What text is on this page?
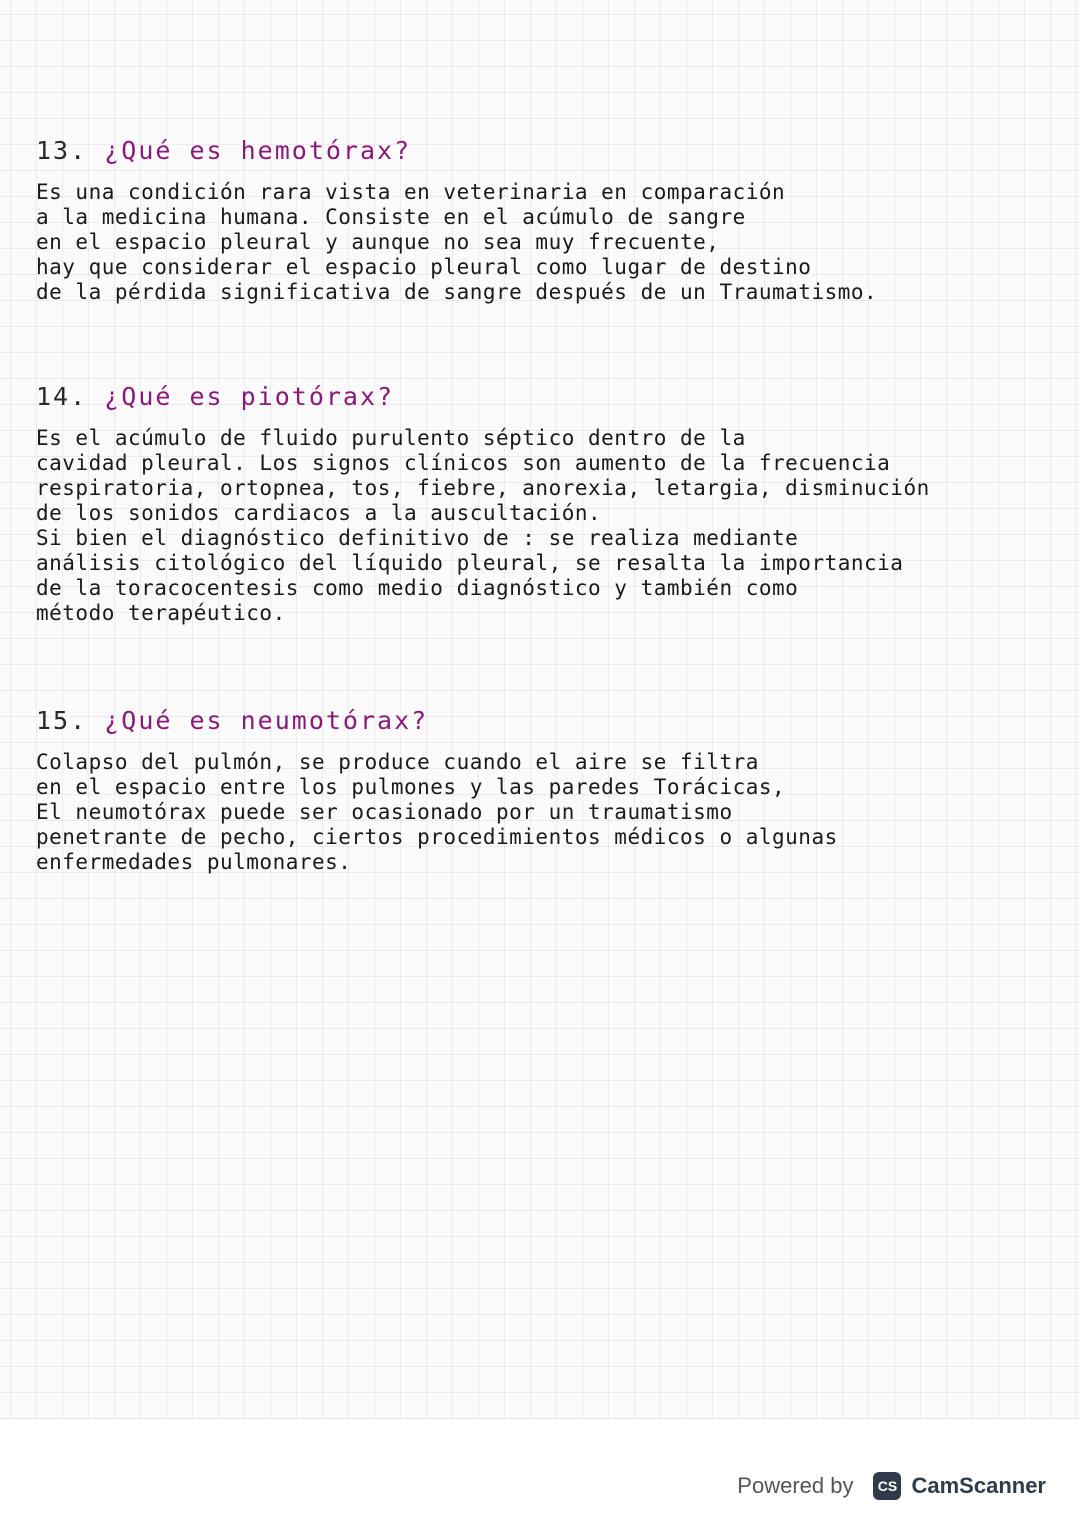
13. ¿Qué es hemotórax?

Es una condición rara vista en veterinaria en comparación
a la medicina humana. Consiste en el acúmulo de sangre
en el espacio pleural y aunque no sea muy frecuente,
hay que considerar el espacio pleural como lugar de destino
de la pérdida significativa de sangre después de un Traumatismo.

14. ¿Qué es piotórax?

Es el acúmulo de fluido purulento séptico dentro de la
cavidad pleural. Los signos clínicos son aumento de la frecuencia
respiratoria, ortopnea, tos, fiebre, anorexia, letargia, disminución
de los sonidos cardiacos a la auscultación.
Si bien el diagnóstico definitivo de : se realiza mediante
análisis citológico del líquido pleural, se resalta la importancia
de la toracocentesis como medio diagnóstico y también como
método terapéutico.

15. ¿Qué es neumotórax?

Colapso del pulmón, se produce cuando el aire se filtra
en el espacio entre los pulmones y las paredes Torácicas,
El neumotórax puede ser ocasionado por un traumatismo
penetrante de pecho, ciertos procedimientos médicos o algunas
enfermedades pulmonares.

Powered by	CS CamScanner
